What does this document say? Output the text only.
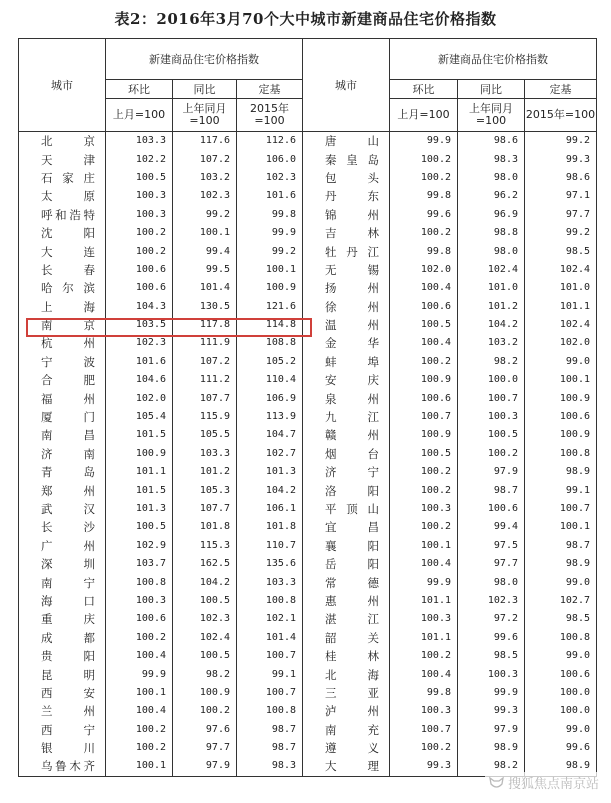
表2：2016年3月70个大中城市新建商品住宅价格指数
城市	新建商品住宅价格指数			城市	新建商品住宅价格指数		
	环比	同比	定基		环比	同比	定基
	上月=100	上年同月=100	2015年=100		上月=100	上年同月=100	2015年=100
北京	103.3	117.6	112.6	唐山	99.9	98.6	99.2
天津	102.2	107.2	106.0	秦皇岛	100.2	98.3	99.3
石家庄	100.5	103.2	102.3	包头	100.2	98.0	98.6
太原	100.3	102.3	101.6	丹东	99.8	96.2	97.1
呼和浩特	100.3	99.2	99.8	锦州	99.6	96.9	97.7
沈阳	100.2	100.1	99.9	吉林	100.2	98.8	99.2
大连	100.2	99.4	99.2	牡丹江	99.8	98.0	98.5
长春	100.6	99.5	100.1	无锡	102.0	102.4	102.4
哈尔滨	100.6	101.4	100.9	扬州	100.4	101.0	101.0
上海	104.3	130.5	121.6	徐州	100.6	101.2	101.1
南京	103.5	117.8	114.8	温州	100.5	104.2	102.4
杭州	102.3	111.9	108.8	金华	100.4	103.2	102.0
宁波	101.6	107.2	105.2	蚌埠	100.2	98.2	99.0
合肥	104.6	111.2	110.4	安庆	100.9	100.0	100.1
福州	102.0	107.7	106.9	泉州	100.6	100.7	100.9
厦门	105.4	115.9	113.9	九江	100.7	100.3	100.6
南昌	101.5	105.5	104.7	赣州	100.9	100.5	100.9
济南	100.9	103.3	102.7	烟台	100.5	100.2	100.8
青岛	101.1	101.2	101.3	济宁	100.2	97.9	98.9
郑州	101.5	105.3	104.2	洛阳	100.2	98.7	99.1
武汉	101.3	107.7	106.1	平顶山	100.3	100.6	100.7
长沙	100.5	101.8	101.8	宜昌	100.2	99.4	100.1
广州	102.9	115.3	110.7	襄阳	100.1	97.5	98.7
深圳	103.7	162.5	135.6	岳阳	100.4	97.7	98.9
南宁	100.8	104.2	103.3	常德	99.9	98.0	99.0
海口	100.3	100.5	100.8	惠州	101.1	102.3	102.7
重庆	100.6	102.3	102.1	湛江	100.3	97.2	98.5
成都	100.2	102.4	101.4	韶关	101.1	99.6	100.8
贵阳	100.4	100.5	100.7	桂林	100.2	98.5	99.0
昆明	99.9	98.2	99.1	北海	100.4	100.3	100.6
西安	100.1	100.9	100.7	三亚	99.8	99.9	100.0
兰州	100.4	100.2	100.8	泸州	100.3	99.3	100.0
西宁	100.2	97.6	98.7	南充	100.7	97.9	99.0
银川	100.2	97.7	98.7	遵义	100.2	98.9	99.6
乌鲁木齐	100.1	97.9	98.3	大理	99.3	98.2	98.9
搜狐焦点南京站
